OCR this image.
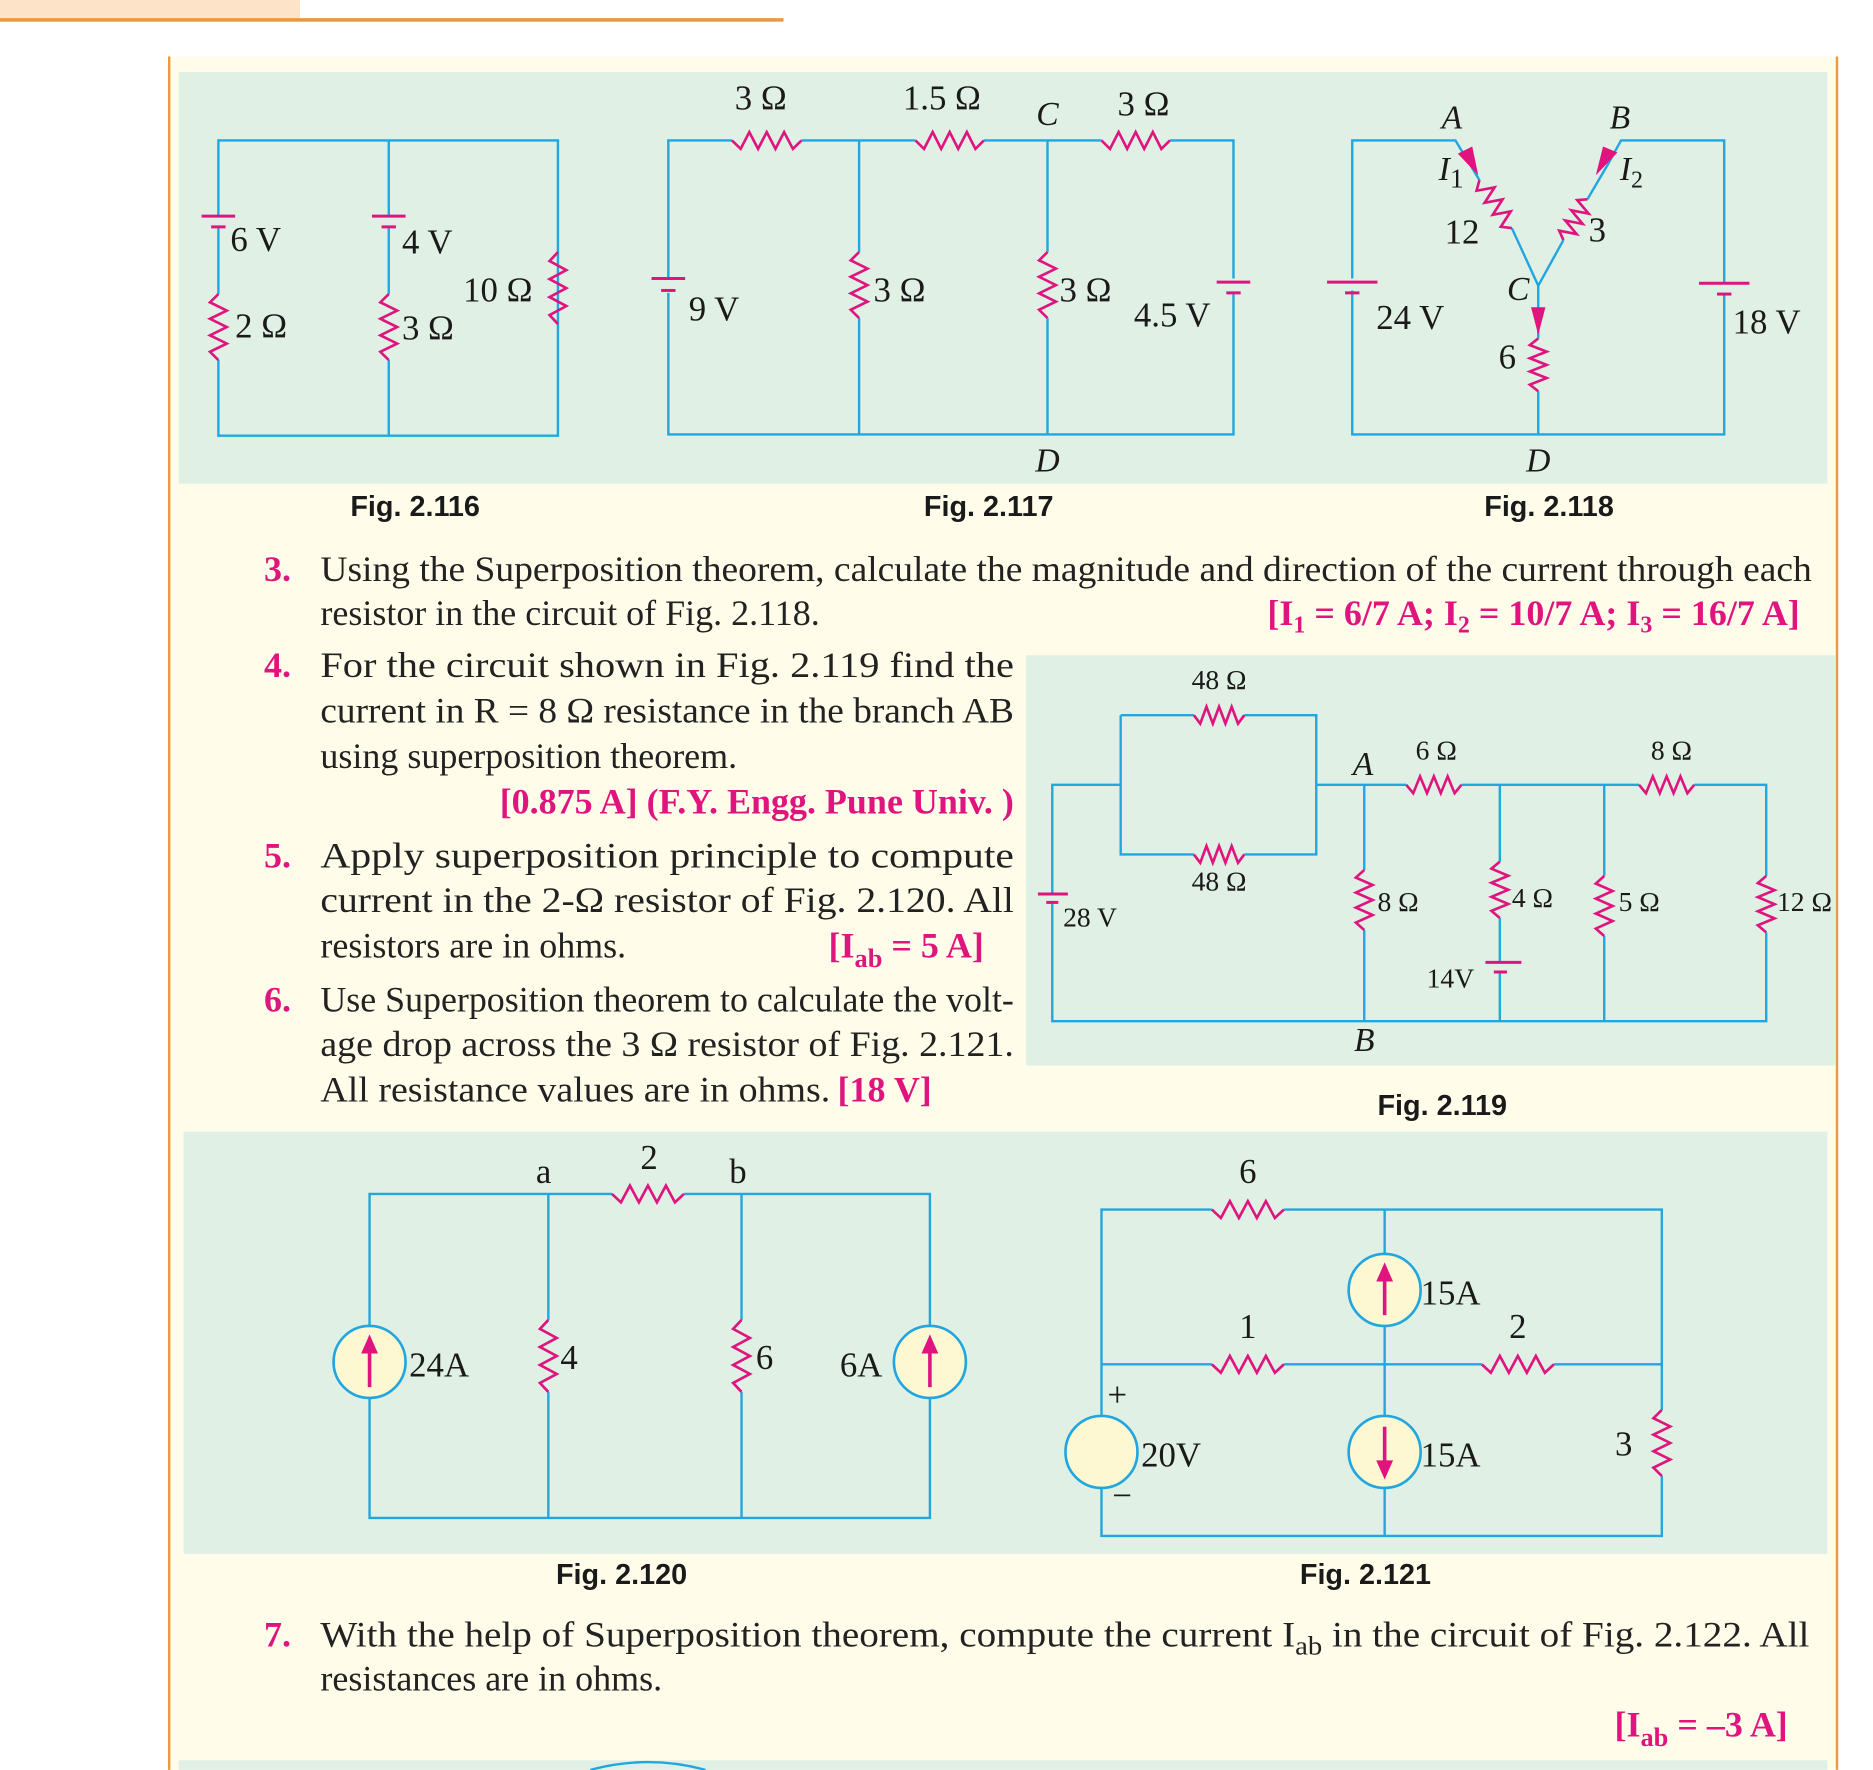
6 V	4 V
2 Ω	3 Ω
10 Ω
Fig. 2.116
3 Ω	1.5 Ω C 3 Ω
9 V	3 Ω	3 Ω
4.5 V
D
Fig. 2.117
A	B
$I_1$	$I_2$
12	3
C
6
24 V	18 V
D
Fig. 2.118
3. Using the Superposition theorem, calculate the magnitude and direction of the current through each
resistor in the circuit of Fig. 2.118.	[$I_1 = 6/7$ A; $I_2 = 10/7$ A; $I_3 = 16/7$ A]
4. For the circuit shown in Fig. 2.119 find the
current in R = 8 Ω resistance in the branch AB
using superposition theorem.
[0.875 A] (F.Y. Engg. Pune Univ. )
5. Apply superposition principle to compute
current in the 2-Ω resistor of Fig. 2.120. All
resistors are in ohms.	[$I_{ab} = 5$ A]
6. Use Superposition theorem to calculate the volt-
age drop across the 3 Ω resistor of Fig. 2.121.
All resistance values are in ohms. [18 V]
48 Ω
48 Ω
A 6 Ω	8 Ω
8 Ω	4 Ω	5 Ω	12 Ω
28 V
14V
B
Fig. 2.119
a	b
2
4	6
24A	6A
Fig. 2.120
6
1	2
3
15A
15A
20V
+
−
Fig. 2.121
7. With the help of Superposition theorem, compute the current I	$_{ab}$ in the circuit of Fig. 2.122. All
resistances are in ohms.
[$I_{ab} = -3$ A]
